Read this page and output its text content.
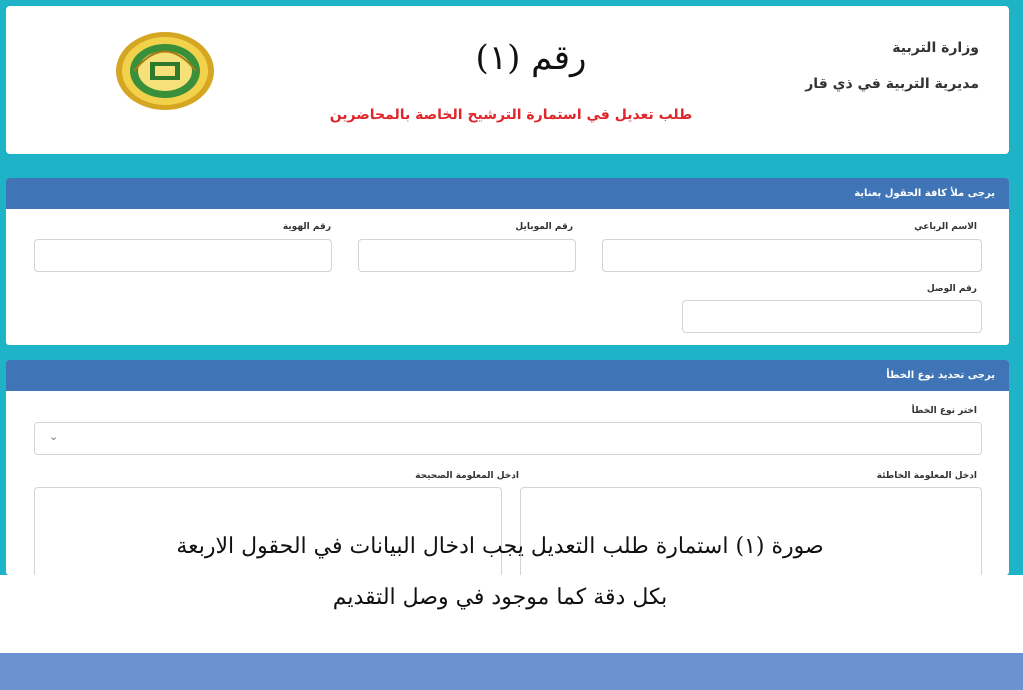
وزارة التربية
مديرية التربية في ذي قار
رقم (١)
طلب تعديل في استمارة الترشيح الخاصة بالمحاضرين
يرجى ملأ كافة الحقول بعناية
الاسم الرباعي
رقم الموبايل
رقم الهوية
رقم الوصل
يرجى تحديد نوع الخطأ
اختر نوع الخطأ
⌄
ادخل المعلومة الخاطئة
ادخل المعلومة الصحيحة
صورة (١) استمارة طلب التعديل يجب ادخال البيانات في الحقول الاربعة
بكل دقة كما موجود في وصل التقديم
